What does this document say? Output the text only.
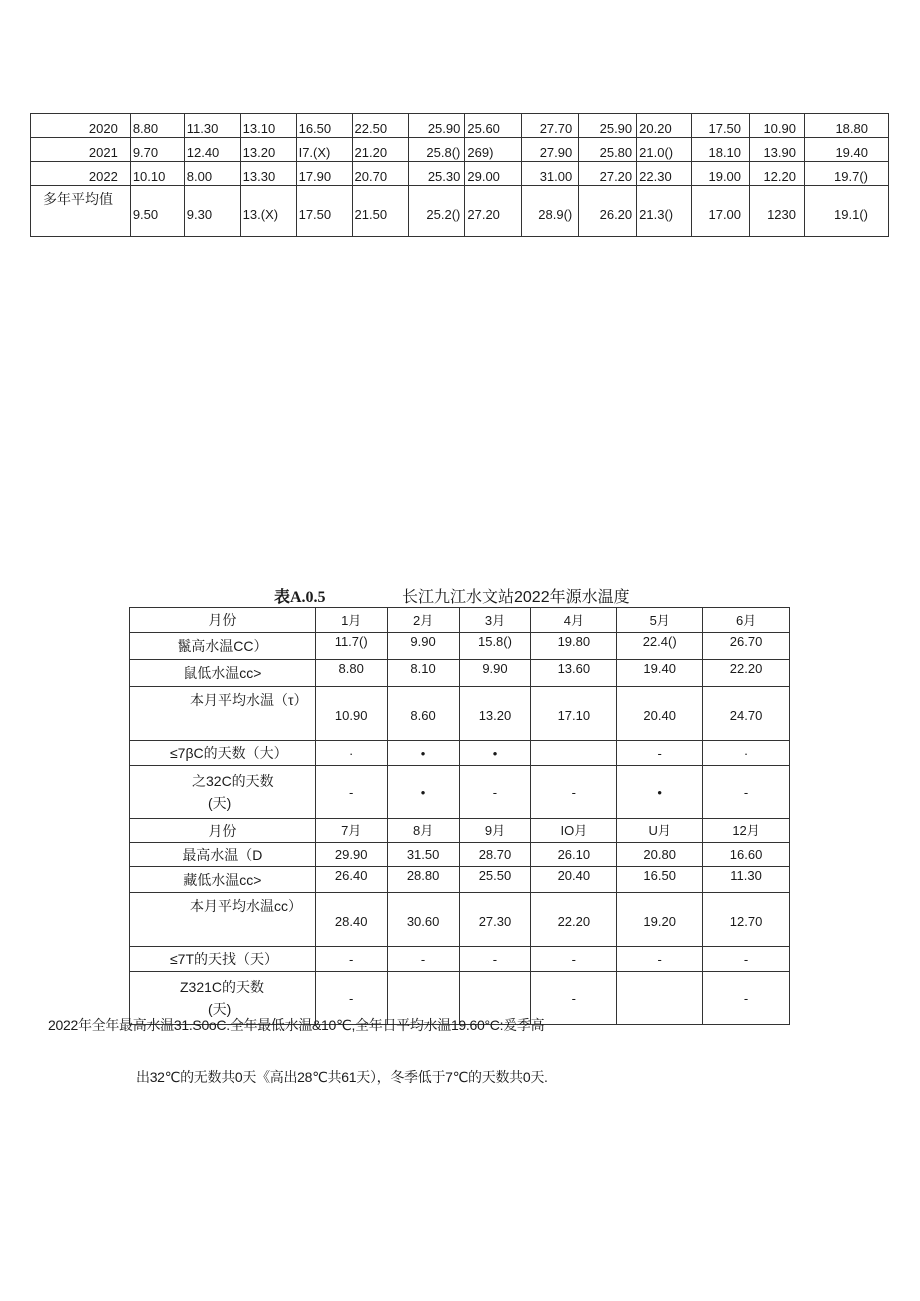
2020	8.80	11.30	13.10	16.50	22.50	25.90	25.60	27.70	25.90	20.20	17.50	10.90	18.80
2021	9.70	12.40	13.20	I7.(X)	21.20	25.8()	269)	27.90	25.80	21.0()	18.10	13.90	19.40
2022	10.10	8.00	13.30	17.90	20.70	25.30	29.00	31.00	27.20	22.30	19.00	12.20	19.7()
多年平均值	9.50	9.30	13.(X)	17.50	21.50	25.2()	27.20	28.9()	26.20	21.3()	17.00	1230	19.1()
表A.0.5	长江九江水文站2022年源水温度
月份	1月	2月	3月	4月	5月	6月
鬣高水温CC）	11.7()	9.90	15.8()	19.80	22.4()	26.70
鼠低水温cc>	8.80	8.10	9.90	13.60	19.40	22.20
本月平均水温（τ）	10.90	8.60	13.20	17.10	20.40	24.70
≤7βC的天数（大）	·	•	•		-	·

之32C的天数
(天)	-	•	-	-	•	-
月份	7月	8月	9月	IO月	U月	12月
最高水温（D	29.90	31.50	28.70	26.10	20.80	16.60
藏低水温cc>	26.40	28.80	25.50	20.40	16.50	11.30
本月平均水温cc）	28.40	30.60	27.30	22.20	19.20	12.70
≤7T的天找（天）	-	-	-	-	-	-

Z321C的天数
(天)	-			-		-
2022年全年最高水温31.S0oC.全年最低水温&10℃,全年日平均水温19.60°C:爰季高
出32℃的无数共0天《高出28℃共61天），冬季低于7℃的天数共0天.
